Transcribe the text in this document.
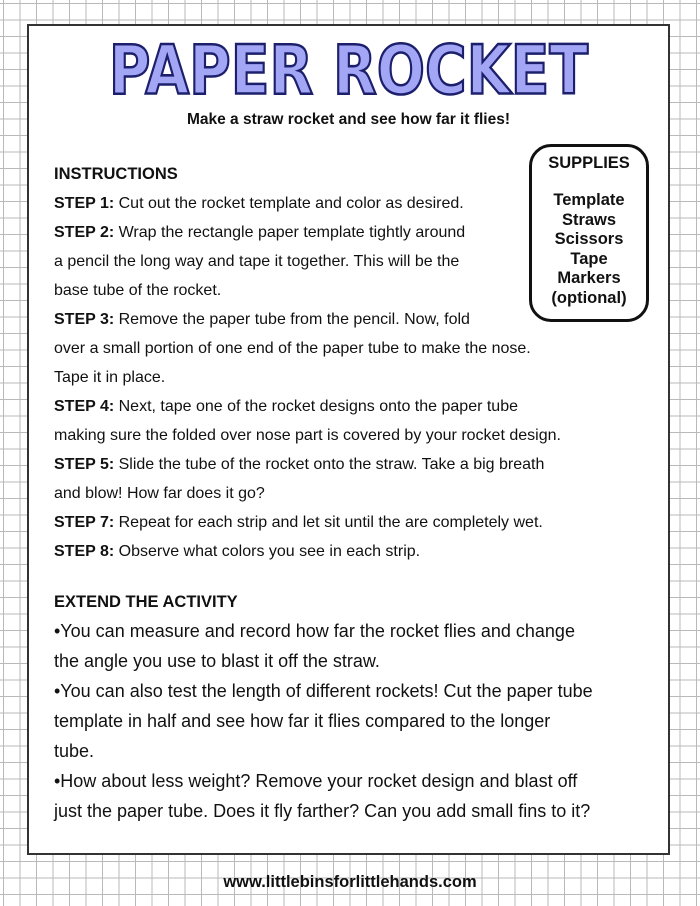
PAPER ROCKET
Make a straw rocket and see how far it flies!
SUPPLIES
Template
Straws
Scissors
Tape
Markers
(optional)
INSTRUCTIONS
STEP 1: Cut out the rocket template and color as desired.
STEP 2: Wrap the rectangle paper template tightly around
a pencil the long way and tape it together. This will be the
base tube of the rocket.
STEP 3: Remove the paper tube from the pencil. Now, fold
over a small portion of one end of the paper tube to make the nose.
Tape it in place.
STEP 4: Next, tape one of the rocket designs onto the paper tube
making sure the folded over nose part is covered by your rocket design.
STEP 5: Slide the tube of the rocket onto the straw. Take a big breath
and blow! How far does it go?
STEP 7: Repeat for each strip and let sit until the are completely wet.
STEP 8: Observe what colors you see in each strip.
EXTEND THE ACTIVITY
•You can measure and record how far the rocket flies and change
the angle you use to blast it off the straw.
•You can also test the length of different rockets! Cut the paper tube
template in half and see how far it flies compared to the longer
tube.
•How about less weight? Remove your rocket design and blast off
just the paper tube. Does it fly farther? Can you add small fins to it?
www.littlebinsforlittlehands.com
